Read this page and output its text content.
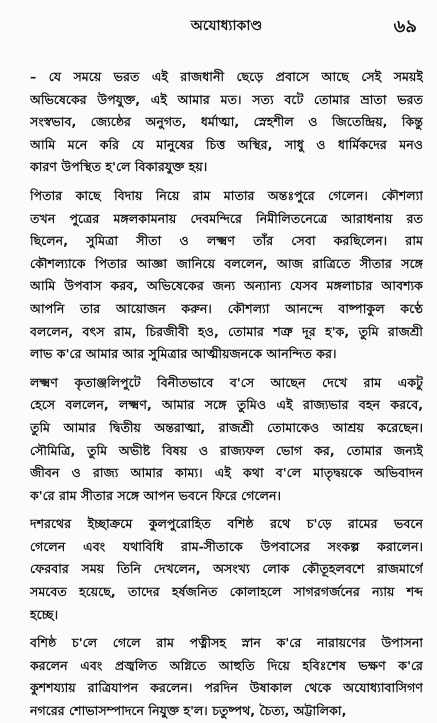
অযোধ্যাকাণ্ড	৬৯
– যে সময়ে ভরত এই রাজধানী ছেড়ে প্রবাসে আছে সেই সময়ই
অভিষেকের উপযুক্ত, এই আমার মত। সত্য বটে তোমার ভ্রাতা ভরত
সংস্বভাব, জ্যেষ্ঠের অনুগত, ধর্মাত্মা, স্নেহশীল ও জিতেন্দ্রিয়, কিন্তু
আমি মনে করি যে মানুষের চিত্ত অস্থির, সাধু ও ধার্মিকদের মনও
কারণ উপস্থিত হ'লে বিকারযুক্ত হয়।
পিতার কাছে বিদায় নিয়ে রাম মাতার অন্তঃপুরে গেলেন। কৌশল্যা
তখন পুত্রের মঙ্গলকামনায় দেবমন্দিরে নিমীলিতনেত্রে আরাধনায় রত
ছিলেন, সুমিত্রা সীতা ও লক্ষ্মণ তাঁর সেবা করছিলেন। রাম
কৌশল্যাকে পিতার আজ্ঞা জানিয়ে বললেন, আজ রাত্রিতে সীতার সঙ্গে
আমি উপবাস করব, অভিষেকের জন্য অন্যান্য যেসব মঙ্গলাচার আবশ্যক
আপনি তার আয়োজন করুন। কৌশল্যা আনন্দে বাষ্পাকুল কণ্ঠে
বললেন, বৎস রাম, চিরজীবী হও, তোমার শত্রু দূর হ'ক, তুমি রাজশ্রী
লাভ ক'রে আমার আর সুমিত্রার আত্মীয়জনকে আনন্দিত কর।
লক্ষ্মণ কৃতাঞ্জলিপুটে বিনীতভাবে ব'সে আছেন দেখে রাম একটু
হেসে বললেন, লক্ষ্মণ, আমার সঙ্গে তুমিও এই রাজ্যভার বহন করবে,
তুমি আমার দ্বিতীয় অন্তরাত্মা, রাজশ্রী তোমাকেও আশ্রয় করেছেন।
সৌমিত্রি, তুমি অভীষ্ট বিষয় ও রাজ্যফল ভোগ কর, তোমার জন্যই
জীবন ও রাজ্য আমার কাম্য। এই কথা ব'লে মাতৃদ্বয়কে অভিবাদন
ক'রে রাম সীতার সঙ্গে আপন ভবনে ফিরে গেলেন।
দশরথের ইচ্ছাক্রমে কুলপুরোহিত বশিষ্ঠ রথে চ'ড়ে রামের ভবনে
গেলেন এবং যথাবিধি রাম-সীতাকে উপবাসের সংকল্প করালেন।
ফেরবার সময় তিনি দেখলেন, অসংখ্য লোক কৌতূহলবশে রাজমার্গে
সমবেত হয়েছে, তাদের হর্ষজনিত কোলাহলে সাগরগর্জনের ন্যায় শব্দ
হচ্ছে।
বশিষ্ঠ চ'লে গেলে রাম পত্নীসহ স্নান ক'রে নারায়ণের উপাসনা
করলেন এবং প্রজ্বলিত অগ্নিতে আহুতি দিয়ে হবিঃশেষ ভক্ষণ ক'রে
কুশশয্যায় রাত্রিযাপন করলেন। পরদিন উষাকাল থেকে অযোধ্যাবাসিগণ
নগরের শোভাসম্পাদনে নিযুক্ত হ'ল। চতুষ্পথ, চৈত্য, অট্টালিকা,
